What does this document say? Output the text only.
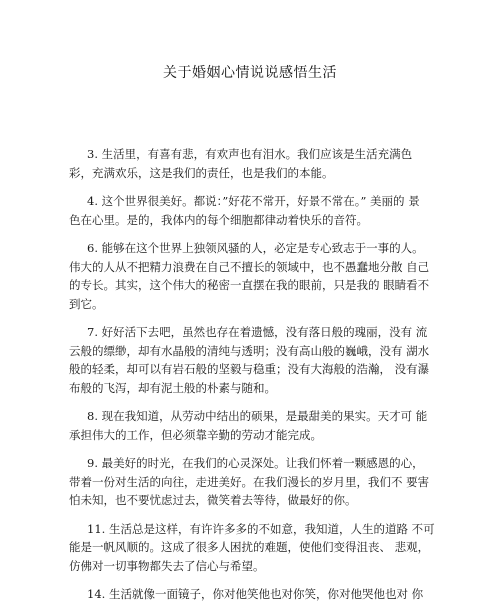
关于婚姻心情说说感悟生活

3. 生活里，有喜有悲，有欢声也有泪水。我们应该是生活充满色
彩，充满欢乐，这是我们的责任，也是我们的本能。

4. 这个世界很美好。都说：”好花不常开，好景不常在。” 美丽的 景
色在心里。是的，我体内的每个细胞都律动着快乐的音符。

6. 能够在这个世界上独领风骚的人，必定是专心致志于一事的人。
伟大的人从不把精力浪费在自己不擅长的领域中，也不愚蠢地分散 自己
的专长。其实，这个伟大的秘密一直摆在我的眼前，只是我的 眼睛看不
到它。

7. 好好活下去吧，虽然也存在着遗憾，没有落日般的瑰丽，没有 流
云般的缥缈，却有水晶般的清纯与透明；没有高山般的巍峨，没有 湖水
般的轻柔，却可以有岩石般的坚毅与稳重；没有大海般的浩瀚， 没有瀑
布般的飞泻，却有泥土般的朴素与随和。

8. 现在我知道，从劳动中结出的硕果，是最甜美的果实。天才可 能
承担伟大的工作，但必须靠辛勤的劳动才能完成。

9. 最美好的时光，在我们的心灵深处。让我们怀着一颗感恩的心，
带着一份对生活的向往，走进美好。在我们漫长的岁月里，我们不 要害
怕未知，也不要忧虑过去，微笑着去等待，做最好的你。

11. 生活总是这样，有许许多多的不如意，我知道，人生的道路 不可
能是一帆风顺的。这成了很多人困扰的难题，使他们变得沮丧、 悲观，
仿佛对一切事物都失去了信心与希望。

14. 生活就像一面镜子，你对他笑他也对你笑，你对他哭他也对 你
